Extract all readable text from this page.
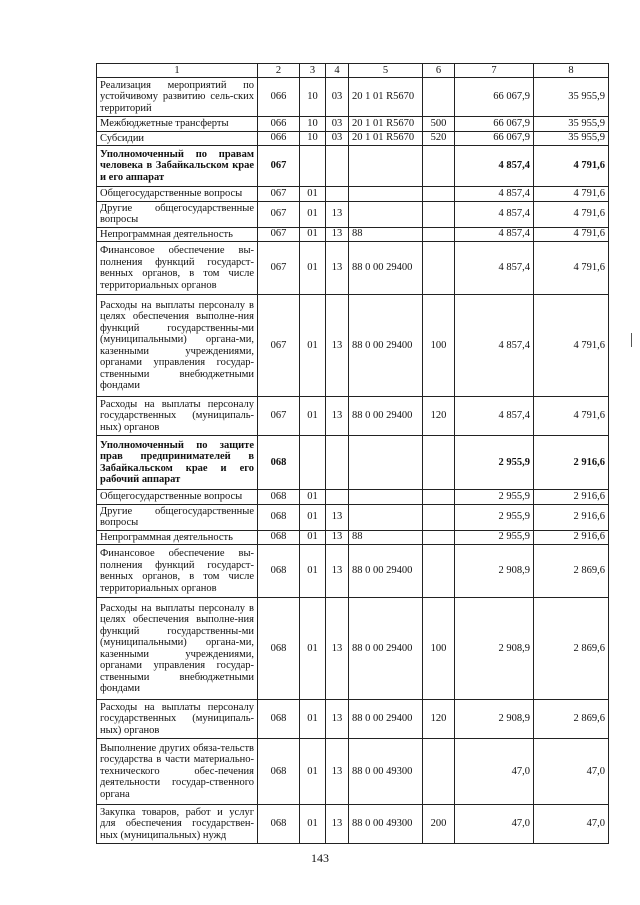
1	2	3	4	5	6	7	8
Реализация мероприятий по устойчивому развитию сель-ских территорий	066	10	03	20 1 01 R5670		66 067,9	35 955,9
Межбюджетные трансферты	066	10	03	20 1 01 R5670	500	66 067,9	35 955,9
Субсидии	066	10	03	20 1 01 R5670	520	66 067,9	35 955,9
Уполномоченный по правам человека в Забайкальском крае и его аппарат	067					4 857,4	4 791,6
Общегосударственные вопросы	067	01				4 857,4	4 791,6
Другие общегосударственные вопросы	067	01	13			4 857,4	4 791,6
Непрограммная деятельность	067	01	13	88		4 857,4	4 791,6
Финансовое обеспечение вы-полнения функций государст-венных органов, в том числе территориальных органов	067	01	13	88 0 00 29400		4 857,4	4 791,6
Расходы на выплаты персоналу в целях обеспечения выполне-ния функций государственны-ми (муниципальными) органа-ми, казенными учреждениями, органами управления государ-ственными внебюджетными фондами	067	01	13	88 0 00 29400	100	4 857,4	4 791,6
Расходы на выплаты персоналу государственных (муниципаль-ных) органов	067	01	13	88 0 00 29400	120	4 857,4	4 791,6
Уполномоченный по защите прав предпринимателей в Забайкальском крае и его рабочий аппарат	068					2 955,9	2 916,6
Общегосударственные вопросы	068	01				2 955,9	2 916,6
Другие общегосударственные вопросы	068	01	13			2 955,9	2 916,6
Непрограммная деятельность	068	01	13	88		2 955,9	2 916,6
Финансовое обеспечение вы-полнения функций государст-венных органов, в том числе территориальных органов	068	01	13	88 0 00 29400		2 908,9	2 869,6
Расходы на выплаты персоналу в целях обеспечения выполне-ния функций государственны-ми (муниципальными) органа-ми, казенными учреждениями, органами управления государ-ственными внебюджетными фондами	068	01	13	88 0 00 29400	100	2 908,9	2 869,6
Расходы на выплаты персоналу государственных (муниципаль-ных) органов	068	01	13	88 0 00 29400	120	2 908,9	2 869,6
Выполнение других обяза-тельств государства в части материально-технического обес-печения деятельности государ-ственного органа	068	01	13	88 0 00 49300		47,0	47,0
Закупка товаров, работ и услуг для обеспечения государствен-ных (муниципальных) нужд	068	01	13	88 0 00 49300	200	47,0	47,0
143
